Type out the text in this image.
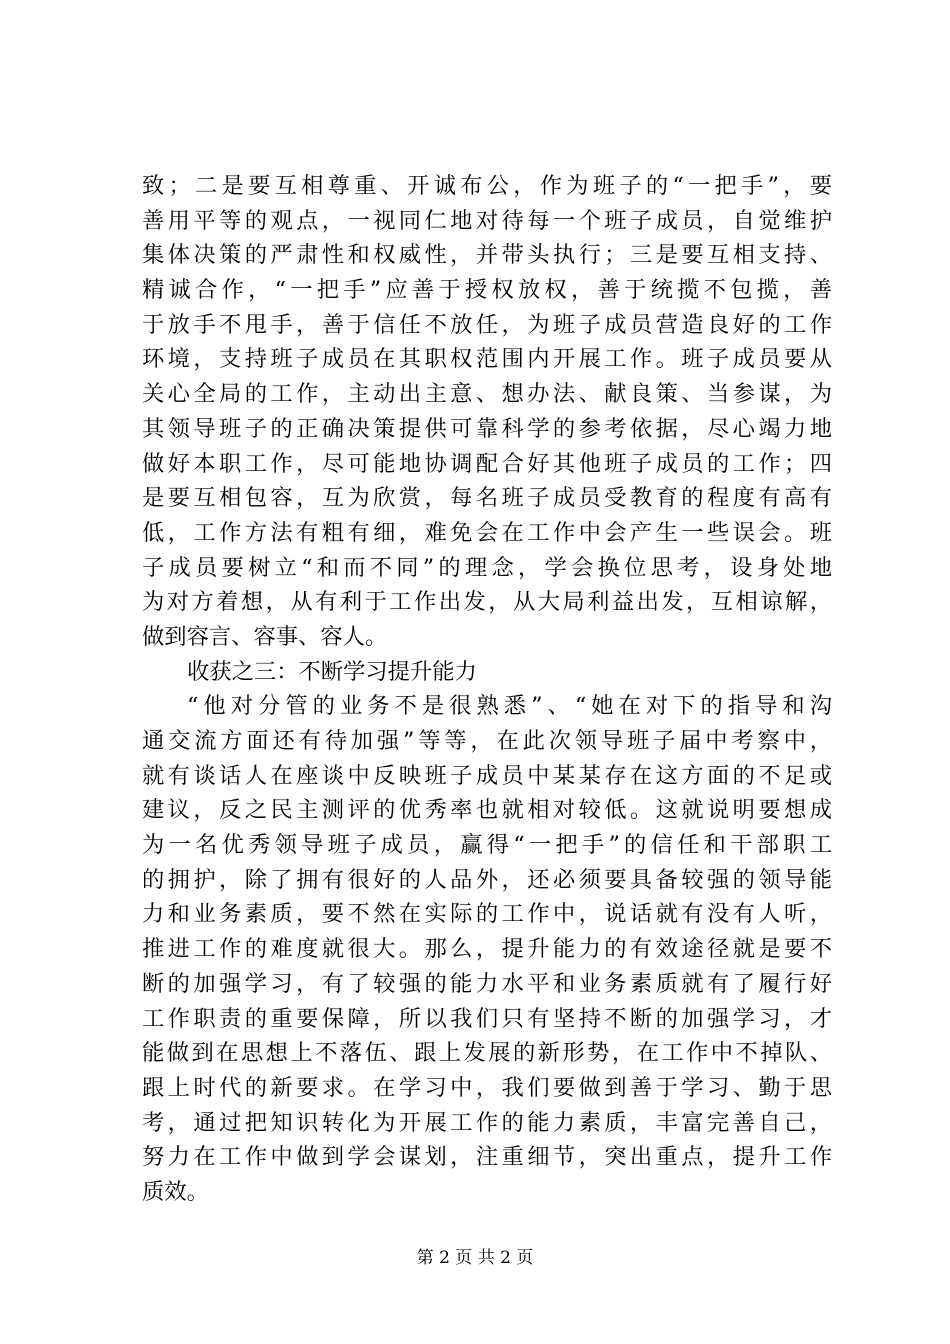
致；二是要互相尊重、开诚布公，作为班子的“一把手”，要
善用平等的观点，一视同仁地对待每一个班子成员，自觉维护
集体决策的严肃性和权威性，并带头执行；三是要互相支持、
精诚合作，“一把手”应善于授权放权，善于统揽不包揽，善
于放手不甩手，善于信任不放任，为班子成员营造良好的工作
环境，支持班子成员在其职权范围内开展工作。班子成员要从
关心全局的工作，主动出主意、想办法、献良策、当参谋，为
其领导班子的正确决策提供可靠科学的参考依据，尽心竭力地
做好本职工作，尽可能地协调配合好其他班子成员的工作；四
是要互相包容，互为欣赏，每名班子成员受教育的程度有高有
低，工作方法有粗有细，难免会在工作中会产生一些误会。班
子成员要树立“和而不同”的理念，学会换位思考，设身处地
为对方着想，从有利于工作出发，从大局利益出发，互相谅解，
做到容言、容事、容人。
收获之三：不断学习提升能力
“他对分管的业务不是很熟悉”、“她在对下的指导和沟
通交流方面还有待加强”等等，在此次领导班子届中考察中，
就有谈话人在座谈中反映班子成员中某某存在这方面的不足或
建议，反之民主测评的优秀率也就相对较低。这就说明要想成
为一名优秀领导班子成员，赢得“一把手”的信任和干部职工
的拥护，除了拥有很好的人品外，还必须要具备较强的领导能
力和业务素质，要不然在实际的工作中，说话就有没有人听，
推进工作的难度就很大。那么，提升能力的有效途径就是要不
断的加强学习，有了较强的能力水平和业务素质就有了履行好
工作职责的重要保障，所以我们只有坚持不断的加强学习，才
能做到在思想上不落伍、跟上发展的新形势，在工作中不掉队、
跟上时代的新要求。在学习中，我们要做到善于学习、勤于思
考，通过把知识转化为开展工作的能力素质，丰富完善自己，
努力在工作中做到学会谋划，注重细节，突出重点，提升工作
质效。
第 2 页 共 2 页
